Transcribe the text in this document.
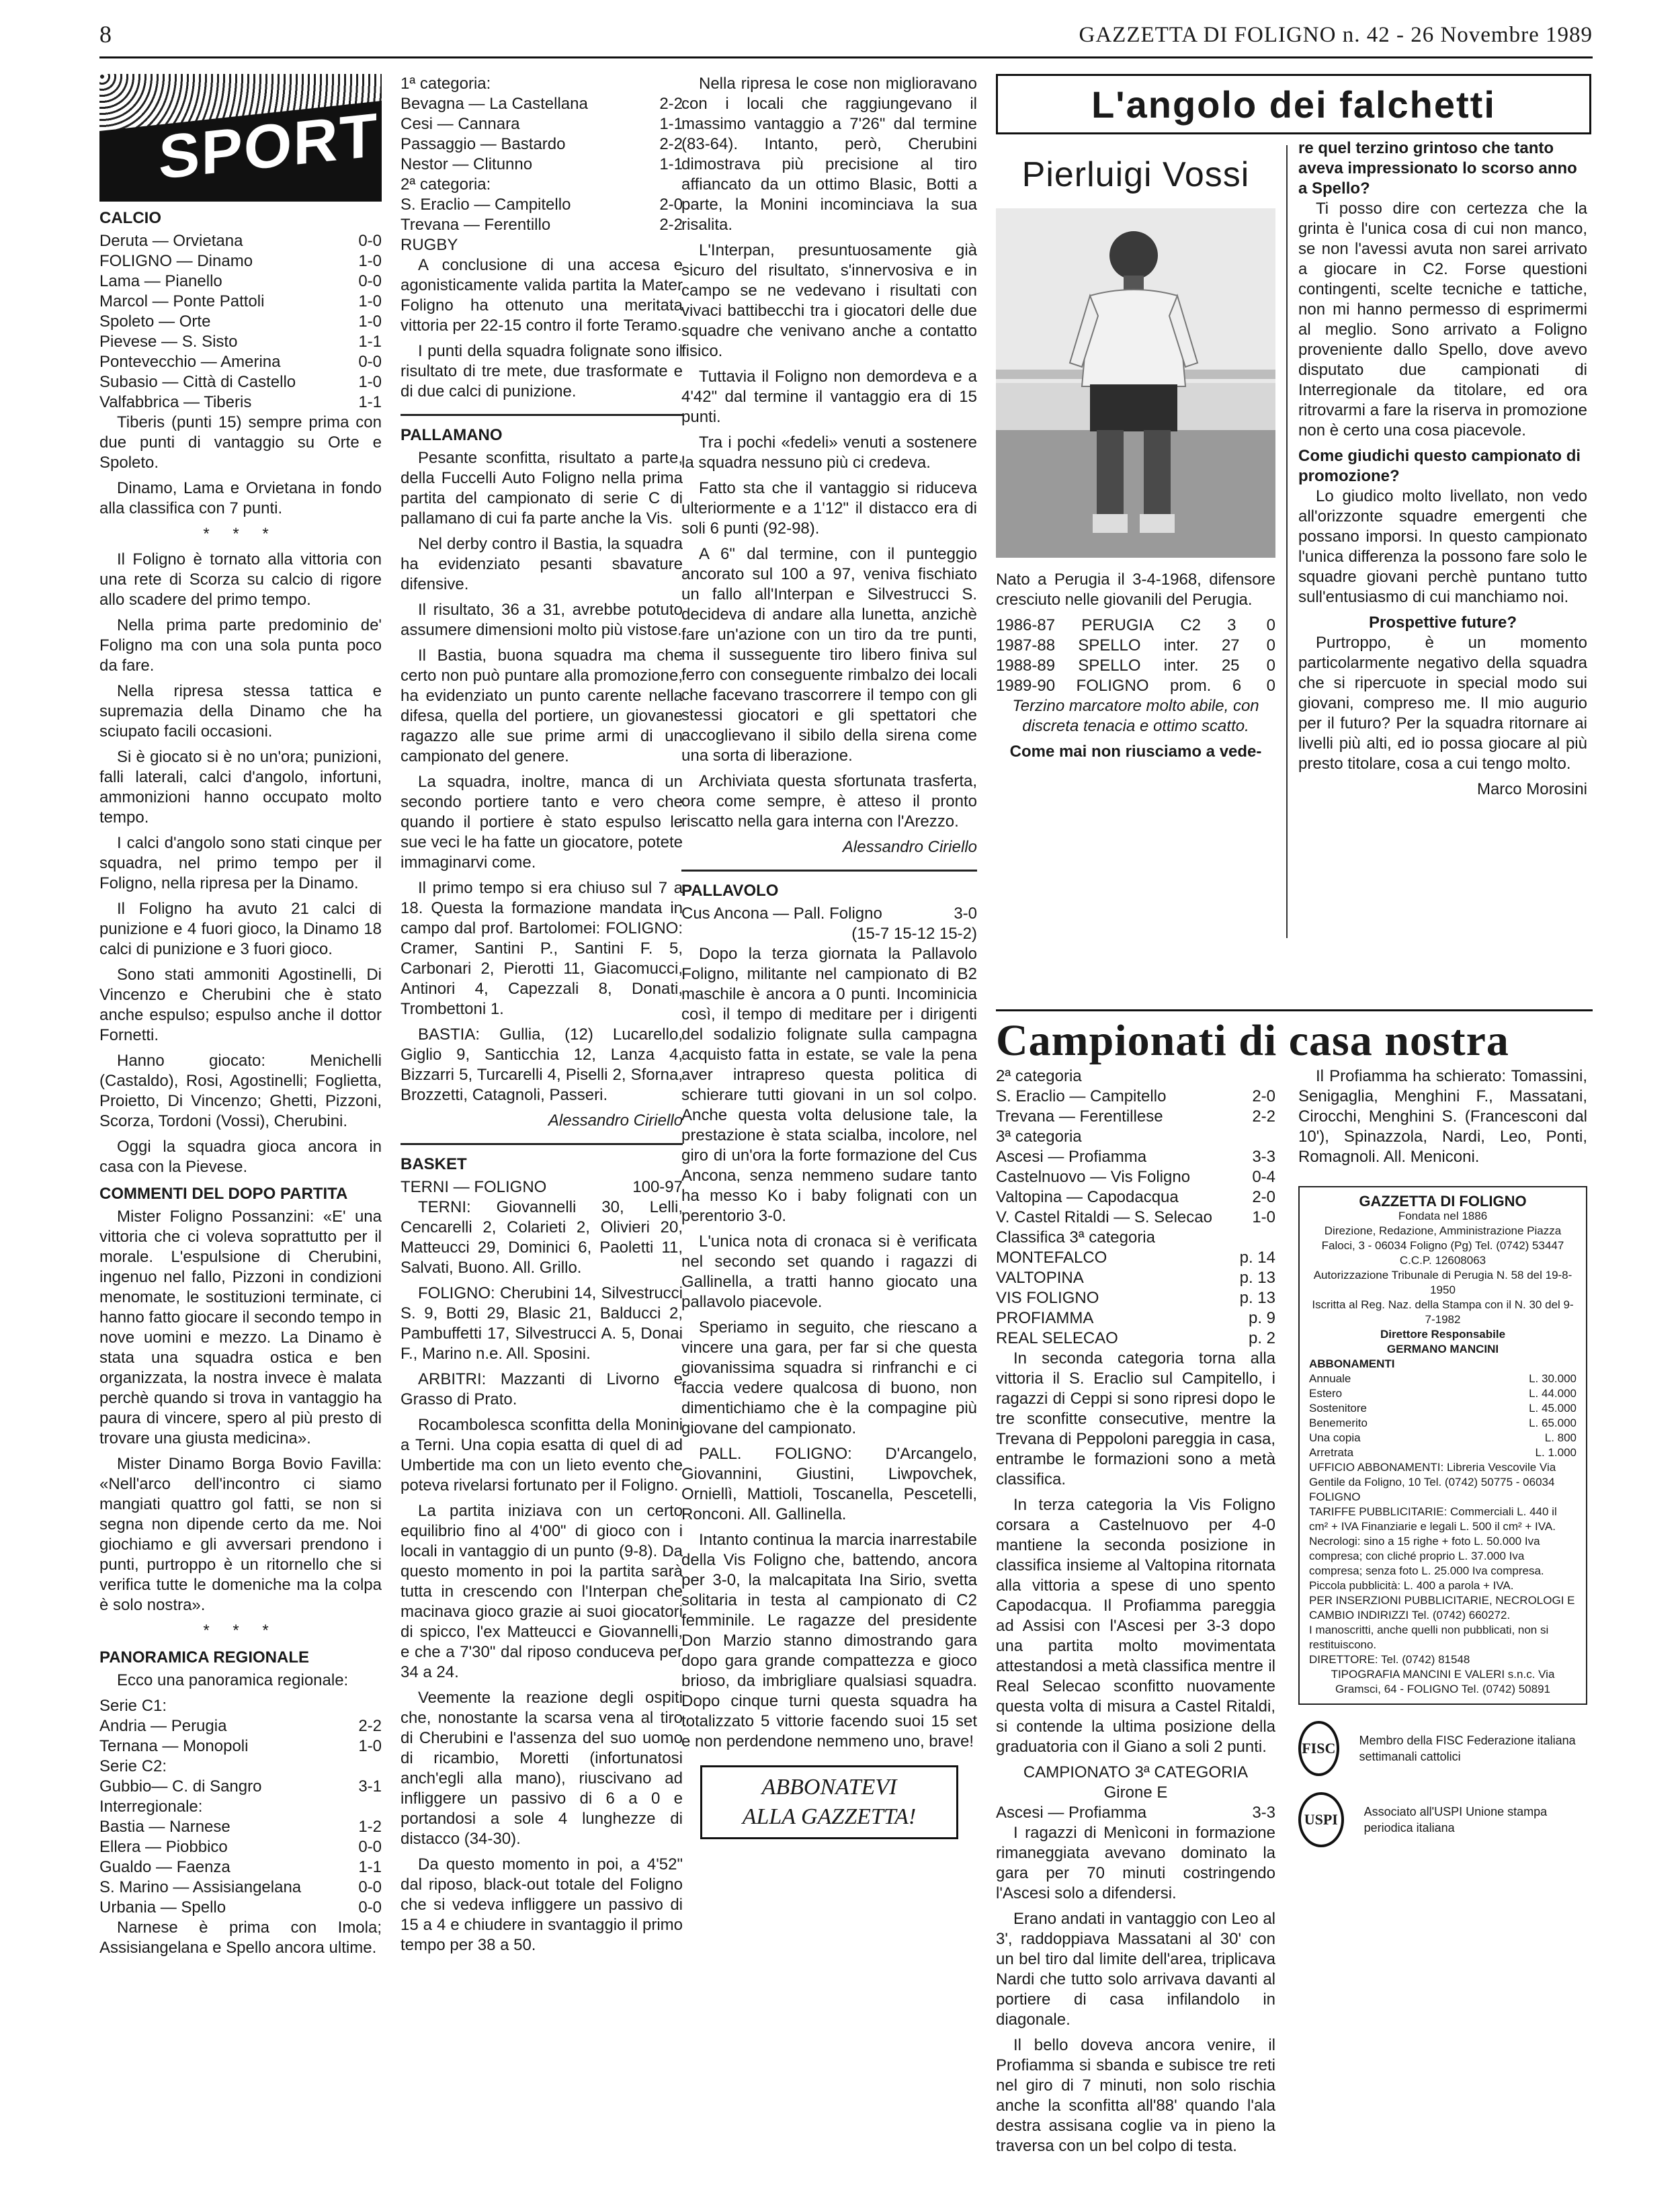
8	GAZZETTA DI FOLIGNO n. 42 - 26 Novembre 1989
SPORT
CALCIO
Deruta — Orvietana	0-0
FOLIGNO — Dinamo	1-0
Lama — Pianello	0-0
Marcol — Ponte Pattoli	1-0
Spoleto — Orte	1-0
Pievese — S. Sisto	1-1
Pontevecchio — Amerina	0-0
Subasio — Città di Castello	1-0
Valfabbrica — Tiberis	1-1

Tiberis (punti 15) sempre prima con due punti di vantaggio su Orte e Spoleto.

Dinamo, Lama e Orvietana in fondo alla classifica con 7 punti.

* * *

Il Foligno è tornato alla vittoria con una rete di Scorza su calcio di rigore allo scadere del primo tempo.

Nella prima parte predominio de' Foligno ma con una sola punta poco da fare.

Nella ripresa stessa tattica e supremazia della Dinamo che ha sciupato facili occasioni.

Si è giocato si è no un'ora; punizioni, falli laterali, calci d'angolo, infortuni, ammonizioni hanno occupato molto tempo.

I calci d'angolo sono stati cinque per squadra, nel primo tempo per il Foligno, nella ripresa per la Dinamo.

Il Foligno ha avuto 21 calci di punizione e 4 fuori gioco, la Dinamo 18 calci di punizione e 3 fuori gioco.

Sono stati ammoniti Agostinelli, Di Vincenzo e Cherubini che è stato anche espulso; espulso anche il dottor Fornetti.

Hanno giocato: Menichelli (Castaldo), Rosi, Agostinelli; Foglietta, Proietto, Di Vincenzo; Ghetti, Pizzoni, Scorza, Tordoni (Vossi), Cherubini.

Oggi la squadra gioca ancora in casa con la Pievese.

COMMENTI DEL DOPO PARTITA

Mister Foligno Possanzini: «E' una vittoria che ci voleva soprattutto per il morale. L'espulsione di Cherubini, ingenuo nel fallo, Pizzoni in condizioni menomate, le sostituzioni terminate, ci hanno fatto giocare il secondo tempo in nove uomini e mezzo. La Dinamo è stata una squadra ostica e ben organizzata, la nostra invece è malata perchè quando si trova in vantaggio ha paura di vincere, spero al più presto di trovare una giusta medicina».

Mister Dinamo Borga Bovio Favilla: «Nell'arco dell'incontro ci siamo mangiati quattro gol fatti, se non si segna non dipende certo da me. Noi giochiamo e gli avversari prendono i punti, purtroppo è un ritornello che si verifica tutte le domeniche ma la colpa è solo nostra».

* * *
PANORAMICA REGIONALE

Ecco una panoramica regionale:

Serie C1:
Andria — Perugia	2-2
Ternana — Monopoli	1-0
Serie C2:
Gubbio— C. di Sangro	3-1
Interregionale:
Bastia — Narnese	1-2
Ellera — Piobbico	0-0
Gualdo — Faenza	1-1
S. Marino — Assisiangelana	0-0
Urbania — Spello	0-0

Narnese è prima con Imola; Assisiangelana e Spello ancora ultime.

1ª categoria:
Bevagna — La Castellana	2-2
Cesi — Cannara	1-1
Passaggio — Bastardo	2-2
Nestor — Clitunno	1-1
2ª categoria:
S. Eraclio — Campitello	2-0
Trevana — Ferentillo	2-2
RUGBY

A conclusione di una accesa e agonisticamente valida partita la Mater Foligno ha ottenuto una meritata vittoria per 22-15 contro il forte Teramo.

I punti della squadra folignate sono il risultato di tre mete, due trasformate e di due calci di punizione.

PALLAMANO

Pesante sconfitta, risultato a parte, della Fuccelli Auto Foligno nella prima partita del campionato di serie C di pallamano di cui fa parte anche la Vis.

Nel derby contro il Bastia, la squadra ha evidenziato pesanti sbavature difensive.

Il risultato, 36 a 31, avrebbe potuto assumere dimensioni molto più vistose.

Il Bastia, buona squadra ma che certo non può puntare alla promozione, ha evidenziato un punto carente nella difesa, quella del portiere, un giovane ragazzo alle sue prime armi di un campionato del genere.

La squadra, inoltre, manca di un secondo portiere tanto e vero che quando il portiere è stato espulso le sue veci le ha fatte un giocatore, potete immaginarvi come.

Il primo tempo si era chiuso sul 7 a 18. Questa la formazione mandata in campo dal prof. Bartolomei: FOLIGNO: Cramer, Santini P., Santini F. 5, Carbonari 2, Pierotti 11, Giacomucci, Antinori 4, Capezzali 8, Donati, Trombettoni 1.

BASTIA: Gullia, (12) Lucarello, Giglio 9, Santicchia 12, Lanza 4, Bizzarri 5, Turcarelli 4, Piselli 2, Sforna, Brozzetti, Catagnoli, Passeri.

Alessandro Ciriello
BASKET
TERNI — FOLIGNO	100-97

TERNI: Giovannelli 30, Lelli, Cencarelli 2, Colarieti 2, Olivieri 20, Matteucci 29, Dominici 6, Paoletti 11, Salvati, Buono. All. Grillo.

FOLIGNO: Cherubini 14, Silvestrucci S. 9, Botti 29, Blasic 21, Balducci 2, Pambuffetti 17, Silvestrucci A. 5, Donai F., Marino n.e. All. Sposini.

ARBITRI: Mazzanti di Livorno e Grasso di Prato.

Rocambolesca sconfitta della Monini a Terni. Una copia esatta di quel di ad Umbertide ma con un lieto evento che poteva rivelarsi fortunato per il Foligno.

La partita iniziava con un certo equilibrio fino al 4'00" di gioco con i locali in vantaggio di un punto (9-8). Da questo momento in poi la partita sarà tutta in crescendo con l'Interpan che macinava gioco grazie ai suoi giocatori di spicco, l'ex Matteucci e Giovannelli, e che a 7'30" dal riposo conduceva per 34 a 24.

Veemente la reazione degli ospiti che, nonostante la scarsa vena al tiro di Cherubini e l'assenza del suo uomo di ricambio, Moretti (infortunatosi anch'egli alla mano), riuscivano ad infliggere un passivo di 6 a 0 e portandosi a sole 4 lunghezze di distacco (34-30).

Da questo momento in poi, a 4'52" dal riposo, black-out totale del Foligno che si vedeva infliggere un passivo di 15 a 4 e chiudere in svantaggio il primo tempo per 38 a 50.

Nella ripresa le cose non miglioravano con i locali che raggiungevano il massimo vantaggio a 7'26" dal termine (83-64). Intanto, però, Cherubini dimostrava più precisione al tiro affiancato da un ottimo Blasic, Botti a parte, la Monini incominciava la sua risalita.

L'Interpan, presuntuosamente già sicuro del risultato, s'innervosiva e in campo se ne vedevano i risultati con vivaci battibecchi tra i giocatori delle due squadre che venivano anche a contatto fisico.

Tuttavia il Foligno non demordeva e a 4'42" dal termine il vantaggio era di 15 punti.

Tra i pochi «fedeli» venuti a sostenere la squadra nessuno più ci credeva.

Fatto sta che il vantaggio si riduceva ulteriormente e a 1'12" il distacco era di soli 6 punti (92-98).

A 6" dal termine, con il punteggio ancorato sul 100 a 97, veniva fischiato un fallo all'Interpan e Silvestrucci S. decideva di andare alla lunetta, anzichè fare un'azione con un tiro da tre punti, ma il susseguente tiro libero finiva sul ferro con conseguente rimbalzo dei locali che facevano trascorrere il tempo con gli stessi giocatori e gli spettatori che accoglievano il sibilo della sirena come una sorta di liberazione.

Archiviata questa sfortunata trasferta, ora come sempre, è atteso il pronto riscatto nella gara interna con l'Arezzo.

Alessandro Ciriello
PALLAVOLO
Cus Ancona — Pall. Foligno	3-0
(15-7 15-12 15-2)

Dopo la terza giornata la Pallavolo Foligno, militante nel campionato di B2 maschile è ancora a 0 punti. Incominicia così, il tempo di meditare per i dirigenti del sodalizio folignate sulla campagna acquisto fatta in estate, se vale la pena aver intrapreso questa politica di schierare tutti giovani in un sol colpo. Anche questa volta delusione tale, la prestazione è stata scialba, incolore, nel giro di un'ora la forte formazione del Cus Ancona, senza nemmeno sudare tanto ha messo Ko i baby folignati con un perentorio 3-0.

L'unica nota di cronaca si è verificata nel secondo set quando i ragazzi di Gallinella, a tratti hanno giocato una pallavolo piacevole.

Speriamo in seguito, che riescano a vincere una gara, per far si che questa giovanissima squadra si rinfranchi e ci faccia vedere qualcosa di buono, non dimentichiamo che è la compagine più giovane del campionato.

PALL. FOLIGNO: D'Arcangelo, Giovannini, Giustini, Liwpovchek, Orniellì, Mattioli, Toscanella, Pescetelli, Ronconi. All. Gallinella.

Intanto continua la marcia inarrestabile della Vis Foligno che, battendo, ancora per 3-0, la malcapitata Ina Sirio, svetta solitaria in testa al campionato di C2 femminile. Le ragazze del presidente Don Marzio stanno dimostrando gara dopo gara grande compattezza e gioco brioso, da imbrigliare qualsiasi squadra. Dopo cinque turni questa squadra ha totalizzato 5 vittorie facendo suoi 15 set e non perdendone nemmeno uno, brave!

ABBONATEVI
ALLA GAZZETTA!
L'angolo dei falchetti
Pierluigi Vossi

Nato a Perugia il 3-4-1968, difensore cresciuto nelle giovanili del Perugia.

1986-87 PERUGIA C2 3 0
1987-88 SPELLO inter. 27 0
1988-89 SPELLO inter. 25 0
1989-90 FOLIGNO prom. 6 0

Terzino marcatore molto abile, con discreta tenacia e ottimo scatto.

Come mai non riusciamo a vede-
re quel terzino grintoso che tanto aveva impressionato lo scorso anno a Spello?

Ti posso dire con certezza che la grinta è l'unica cosa di cui non manco, se non l'avessi avuta non sarei arrivato a giocare in C2. Forse questioni contingenti, scelte tecniche e tattiche, non mi hanno permesso di esprimermi al meglio. Sono arrivato a Foligno proveniente dallo Spello, dove avevo disputato due campionati di Interregionale da titolare, ed ora ritrovarmi a fare la riserva in promozione non è certo una cosa piacevole.

Come giudichi questo campionato di promozione?

Lo giudico molto livellato, non vedo all'orizzonte squadre emergenti che possano imporsi. In questo campionato l'unica differenza la possono fare solo le squadre giovani perchè puntano tutto sull'entusiasmo di cui manchiamo noi.

Prospettive future?

Purtroppo, è un momento particolarmente negativo della squadra che si ripercuote in special modo sui giovani, compreso me. Il mio augurio per il futuro? Per la squadra ritornare ai livelli più alti, ed io possa giocare al più presto titolare, cosa a cui tengo molto.

Marco Morosini
Campionati di casa nostra
2ª categoria
S. Eraclio — Campitello	2-0
Trevana — Ferentillese	2-2
3ª categoria
Ascesi — Profiamma	3-3
Castelnuovo — Vis Foligno	0-4
Valtopina — Capodacqua	2-0
V. Castel Ritaldi — S. Selecao 1-0
Classifica 3ª categoria
MONTEFALCO	p. 14
VALTOPINA	p. 13
VIS FOLIGNO	p. 13
PROFIAMMA	p. 9
REAL SELECAO	p. 2

In seconda categoria torna alla vittoria il S. Eraclio sul Campitello, i ragazzi di Ceppi si sono ripresi dopo le tre sconfitte consecutive, mentre la Trevana di Peppoloni pareggia in casa, entrambe le formazioni sono a metà classifica.

In terza categoria la Vis Foligno corsara a Castelnuovo per 4-0 mantiene la seconda posizione in classifica insieme al Valtopina ritornata alla vittoria a spese di uno spento Capodacqua. Il Profiamma pareggia ad Assisi con l'Ascesi per 3-3 dopo una partita molto movimentata attestandosi a metà classifica mentre il Real Selecao sconfitto nuovamente questa volta di misura a Castel Ritaldi, si contende la ultima posizione della graduatoria con il Giano a soli 2 punti.

CAMPIONATO 3ª CATEGORIA
Girone E
Ascesi — Profiamma	3-3

I ragazzi di Menìconi in formazione rimaneggiata avevano dominato la gara per 70 minuti costringendo l'Ascesi solo a difendersi.

Erano andati in vantaggio con Leo al 3', raddoppiava Massatani al 30' con un bel tiro dal limite dell'area, triplicava Nardi che tutto solo arrivava davanti al portiere di casa infilandolo in diagonale.

Il bello doveva ancora venire, il Profiamma si sbanda e subisce tre reti nel giro di 7 minuti, non solo rischia anche la sconfitta all'88' quando l'ala destra assisana coglie va in pieno la traversa con un bel colpo di testa.

Il Profiamma ha schierato: Tomassini, Senigaglia, Menghini F., Massatani, Cirocchi, Menghini S. (Francesconi dal 10'), Spinazzola, Nardi, Leo, Ponti, Romagnoli. All. Meniconi.

GAZZETTA DI FOLIGNO
Fondata nel 1886
Direzione, Redazione, Amministrazione Piazza Faloci, 3 - 06034 Foligno (Pg) Tel. (0742) 53447
C.C.P. 12608063
Autorizzazione Tribunale di Perugia N. 58 del 19-8-1950
Iscritta al Reg. Naz. della Stampa con il N. 30 del 9-7-1982
Direttore Responsabile
GERMANO MANCINI
ABBONAMENTI
Annuale	L. 30.000
Estero	L. 44.000
Sostenitore	L. 45.000
Benemerito	L. 65.000
Una copia	L. 800
Arretrata	L. 1.000
UFFICIO ABBONAMENTI: Libreria Vescovile Via Gentile da Foligno, 10 Tel. (0742) 50775 - 06034 FOLIGNO
TARIFFE PUBBLICITARIE: Commerciali L. 440 il cm² + IVA Finanziarie e legali L. 500 il cm² + IVA. Necrologi: sino a 15 righe + foto L. 50.000 Iva compresa; con cliché proprio L. 37.000 Iva compresa; senza foto L. 25.000 Iva compresa. Piccola pubblicità: L. 400 a parola + IVA.
PER INSERZIONI PUBBLICITARIE, NECROLOGI E CAMBIO INDIRIZZI Tel. (0742) 660272.
I manoscritti, anche quelli non pubblicati, non si restituiscono.
DIRETTORE: Tel. (0742) 81548
TIPOGRAFIA MANCINI E VALERI s.n.c. Via Gramsci, 64 - FOLIGNO Tel. (0742) 50891
FISC Membro della FISC Federazione italiana settimanali cattolici
USPI	Associato all'USPI Unione stampa periodica italiana
